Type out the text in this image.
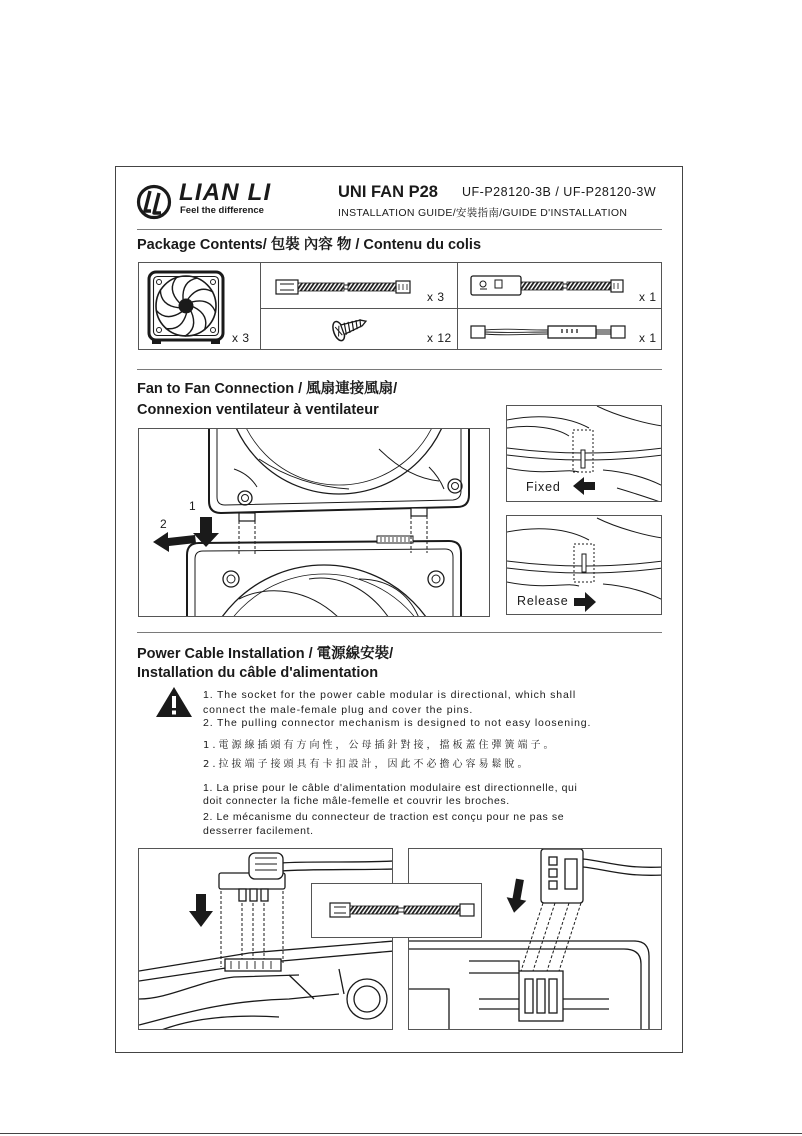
LIAN LI
Feel the difference
UNI FAN P28 UF-P28120-3B / UF-P28120-3W
INSTALLATION GUIDE/安裝指南/GUIDE D'INSTALLATION
Package Contents/ 包裝 內容 物 / Contenu du colis
x 3
x 3	x 1
x 12	x 1
Fan to Fan Connection / 風扇連接風扇/
Connexion ventilateur à ventilateur
1
2
Fixed
Release
Power Cable Installation / 電源線安裝/
Installation du câble d'alimentation
1. The socket for the power cable modular is directional, which shall
connect the male-female plug and cover the pins.
2. The pulling connector mechanism is designed to not easy loosening.
1.電源線插頭有方向性，公母插針對接，擋板蓋住彈簧端子。
2.拉拔端子接頭具有卡扣設計，因此不必擔心容易鬆脫。
1. La prise pour le câble d'alimentation modulaire est directionnelle, qui
doit connecter la fiche mâle-femelle et couvrir les broches.
2. Le mécanisme du connecteur de traction est conçu pour ne pas se
desserrer facilement.
